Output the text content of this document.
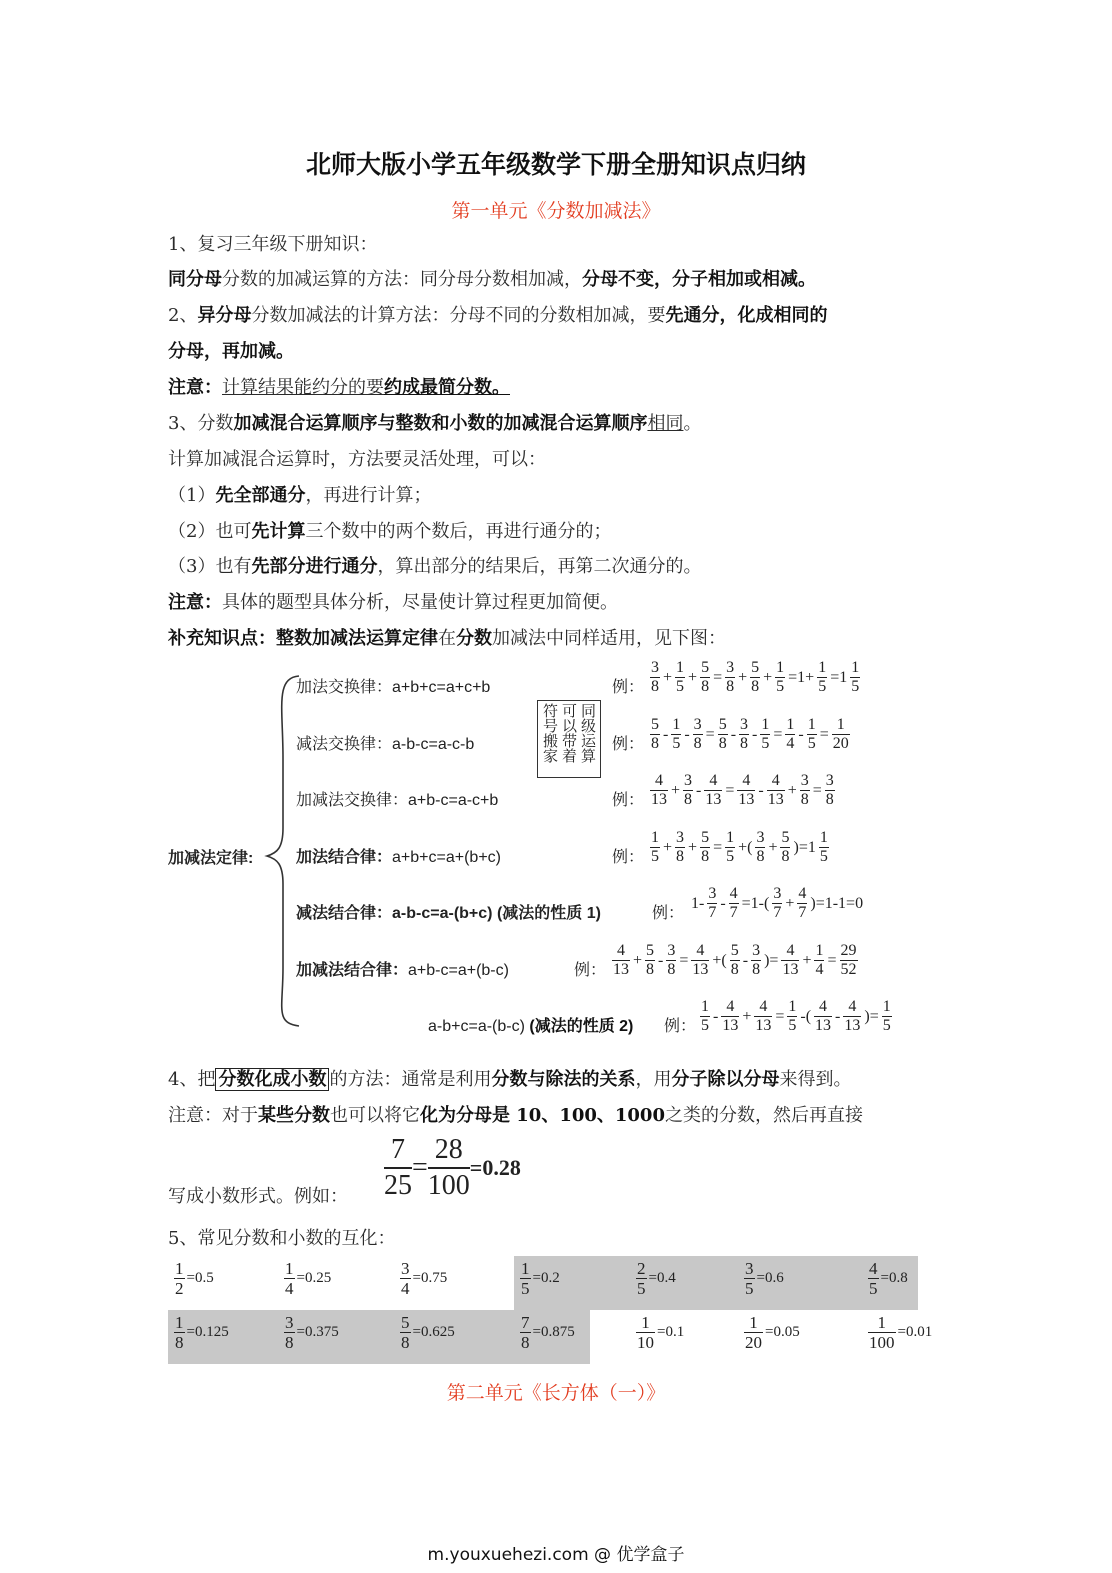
北师大版小学五年级数学下册全册知识点归纳
第一单元《分数加减法》
1、复习三年级下册知识：
同分母分数的加减运算的方法：同分母分数相加减，分母不变，分子相加或相减。
2、异分母分数加减法的计算方法：分母不同的分数相加减，要先通分，化成相同的
分母，再加减。
注意：计算结果能约分的要约成最简分数。
3、分数加减混合运算顺序与整数和小数的加减混合运算顺序相同。
计算加减混合运算时，方法要灵活处理，可以：
（1）先全部通分，再进行计算；
（2）也可先计算三个数中的两个数后，再进行通分的；
（3）也有先部分进行通分，算出部分的结果后，再第二次通分的。
注意：具体的题型具体分析，尽量使计算过程更加简便。
补充知识点：整数加减法运算定律在分数加减法中同样适用，见下图：
加减法定律:
加法交换律：a+b+c=a+c+b
减法交换律：a-b-c=a-c-b
加减法交换律：a+b-c=a-c+b
加法结合律：a+b+c=a+(b+c)
减法结合律：a-b-c=a-(b+c) (减法的性质 1)
加减法结合律：a+b-c=a+(b-c)
a-b+c=a-(b-c) (减法的性质 2)
同级运算
可以带着
符号搬家
例：
例：
例：
例：
例：
例：
例：
$\frac{3}{8} + \frac{1}{5} + \frac{5}{8} = \frac{3}{8} + \frac{5}{8} + \frac{1}{5} =1+ \frac{1}{5} =1 \frac{1}{5}$
$\frac{5}{8} - \frac{1}{5} - \frac{3}{8} = \frac{5}{8} - \frac{3}{8} - \frac{1}{5} = \frac{1}{4} - \frac{1}{5} = \frac{1}{20}$
$\frac{4}{13} + \frac{3}{8} - \frac{4}{13} = \frac{4}{13} - \frac{4}{13} + \frac{3}{8} = \frac{3}{8}$
$\frac{1}{5} + \frac{3}{8} + \frac{5}{8} = \frac{1}{5}$ +( $\frac{3}{8} + \frac{5}{8} )=1 \frac{1}{5}$
$1- \frac{3}{7} - \frac{4}{7} =1-( \frac{3}{7} + \frac{4}{7} )=1-1=0$
$\frac{4}{13} + \frac{5}{8} - \frac{3}{8} = \frac{4}{13}$ +( $\frac{5}{8} - \frac{3}{8}$ )= $\frac{4}{13} + \frac{1}{4} = \frac{29}{52}$
$\frac{1}{5} - \frac{4}{13} + \frac{4}{13} = \frac{1}{5}$ -( $\frac{4}{13} - \frac{4}{13}$ )= $\frac{1}{5}$
4、把 分数化成小数 的方法：通常是利用分数与除法的关系，用分子除以分母来得到。
注意：对于某些分数也可以将它化为分母是 10、100、1000之类的分数，然后再直接
写成小数形式。例如： $\frac{7}{25} = \frac{28}{100} =0.28$
5、常见分数和小数的互化：
$\frac{1}{2} =0.5$	$\frac{1}{4} =0.25$	$\frac{3}{4} =0.75$	$\frac{1}{5} =0.2$	$\frac{2}{5} =0.4$	$\frac{3}{5} =0.6$	$\frac{4}{5} =0.8$
$\frac{1}{8} =0.125$	$\frac{3}{8} =0.375$	$\frac{5}{8} =0.625$	$\frac{7}{8} =0.875$	$\frac{1}{10} =0.1$	$\frac{1}{20} =0.05$	$\frac{1}{100} =0.01$
第二单元《长方体（一）》
m.youxuehezi.com @ 优学盒子
